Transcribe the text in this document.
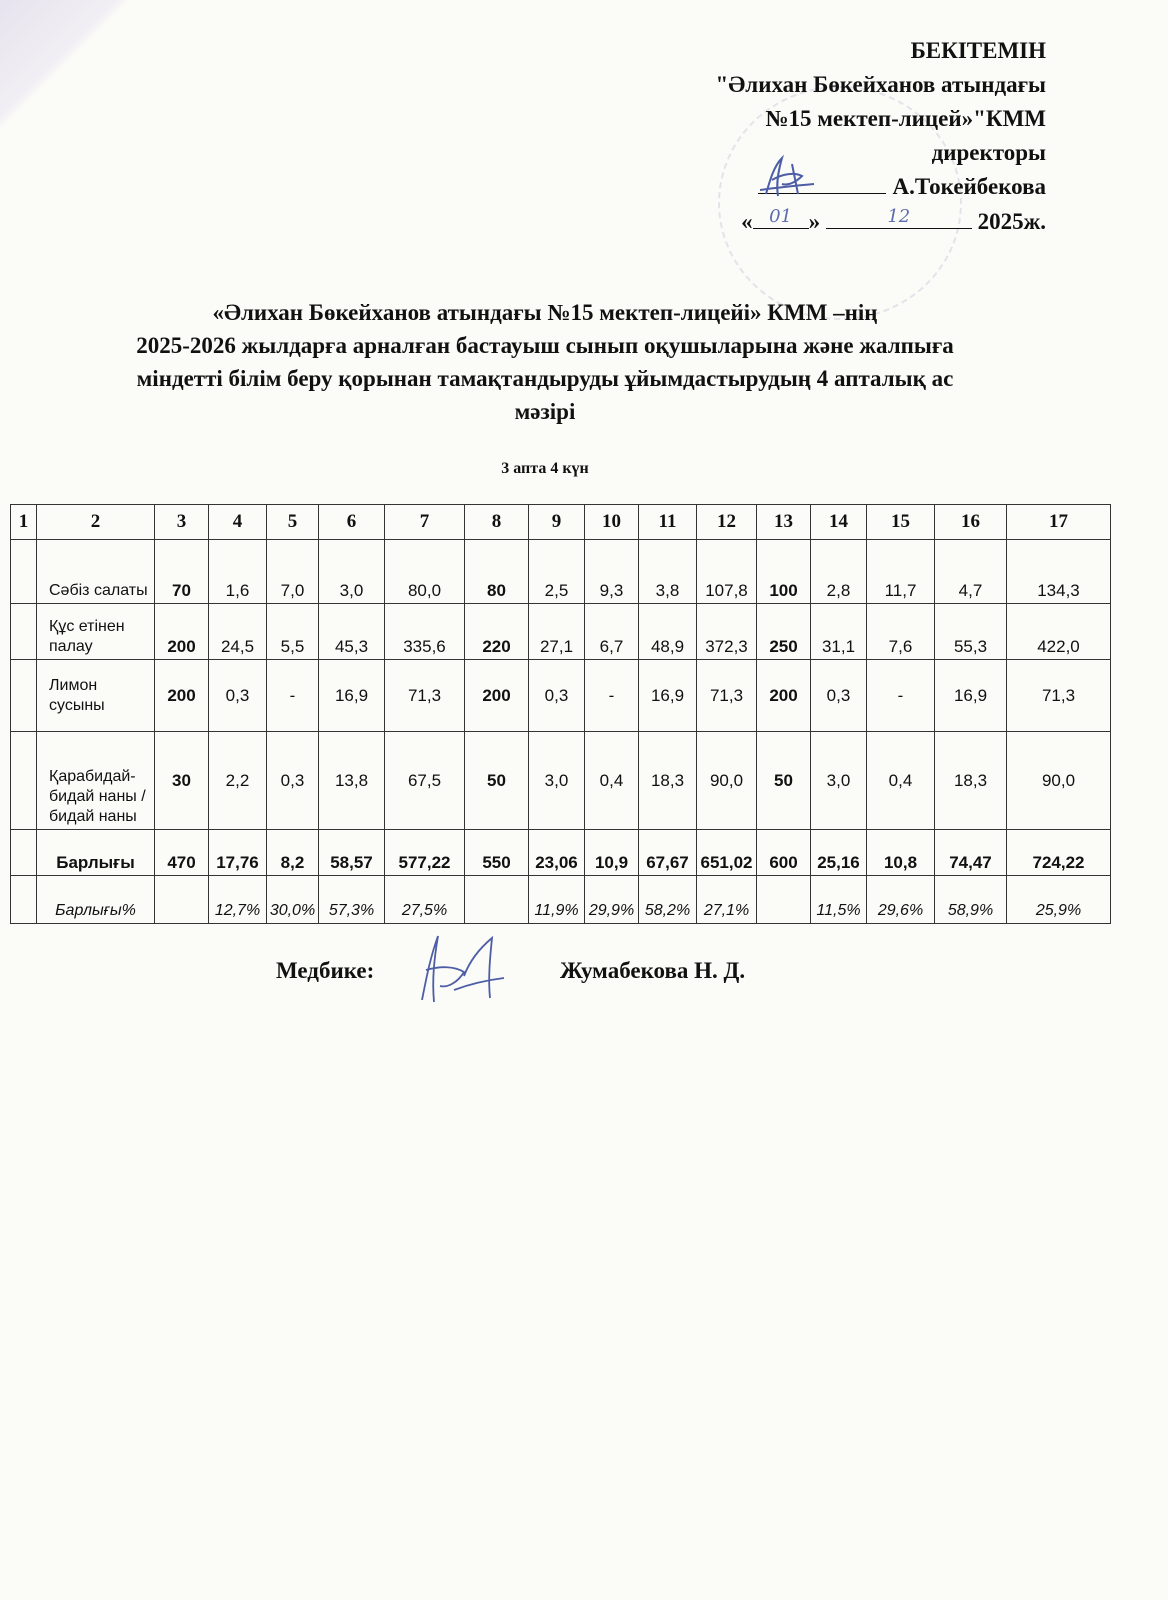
БЕКІТЕМІН
"Әлихан Бөкейханов атындағы
№15 мектеп-лицей»"КММ
директоры
А.Токейбекова
« 01 »	12	2025ж.
«Әлихан Бөкейханов атындағы №15 мектеп-лицейі» КММ –нің
2025-2026 жылдарға арналған бастауыш сынып оқушыларына және жалпыға
міндетті білім беру қорынан тамақтандыруды ұйымдастырудың 4 апталық ас
мәзірі
3 апта 4 күн
1	2	3	4	5	6	7	8	9	10	11	12	13	14	15	16	17
	Сәбіз салаты	70	1,6	7,0	3,0	80,0	80	2,5	9,3	3,8	107,8	100	2,8	11,7	4,7	134,3
	Құс етінен палау	200	24,5	5,5	45,3	335,6	220	27,1	6,7	48,9	372,3	250	31,1	7,6	55,3	422,0
	Лимон сусыны	200	0,3	-	16,9	71,3	200	0,3	-	16,9	71,3	200	0,3	-	16,9	71,3
	Қарабидай-бидай наны / бидай наны	30	2,2	0,3	13,8	67,5	50	3,0	0,4	18,3	90,0	50	3,0	0,4	18,3	90,0
	Барлығы	470	17,76	8,2	58,57	577,22	550	23,06	10,9	67,67	651,02	600	25,16	10,8	74,47	724,22
	Барлығы%		12,7%	30,0%	57,3%	27,5%		11,9%	29,9%	58,2%	27,1%		11,5%	29,6%	58,9%	25,9%
Медбике:	Жумабекова Н. Д.
